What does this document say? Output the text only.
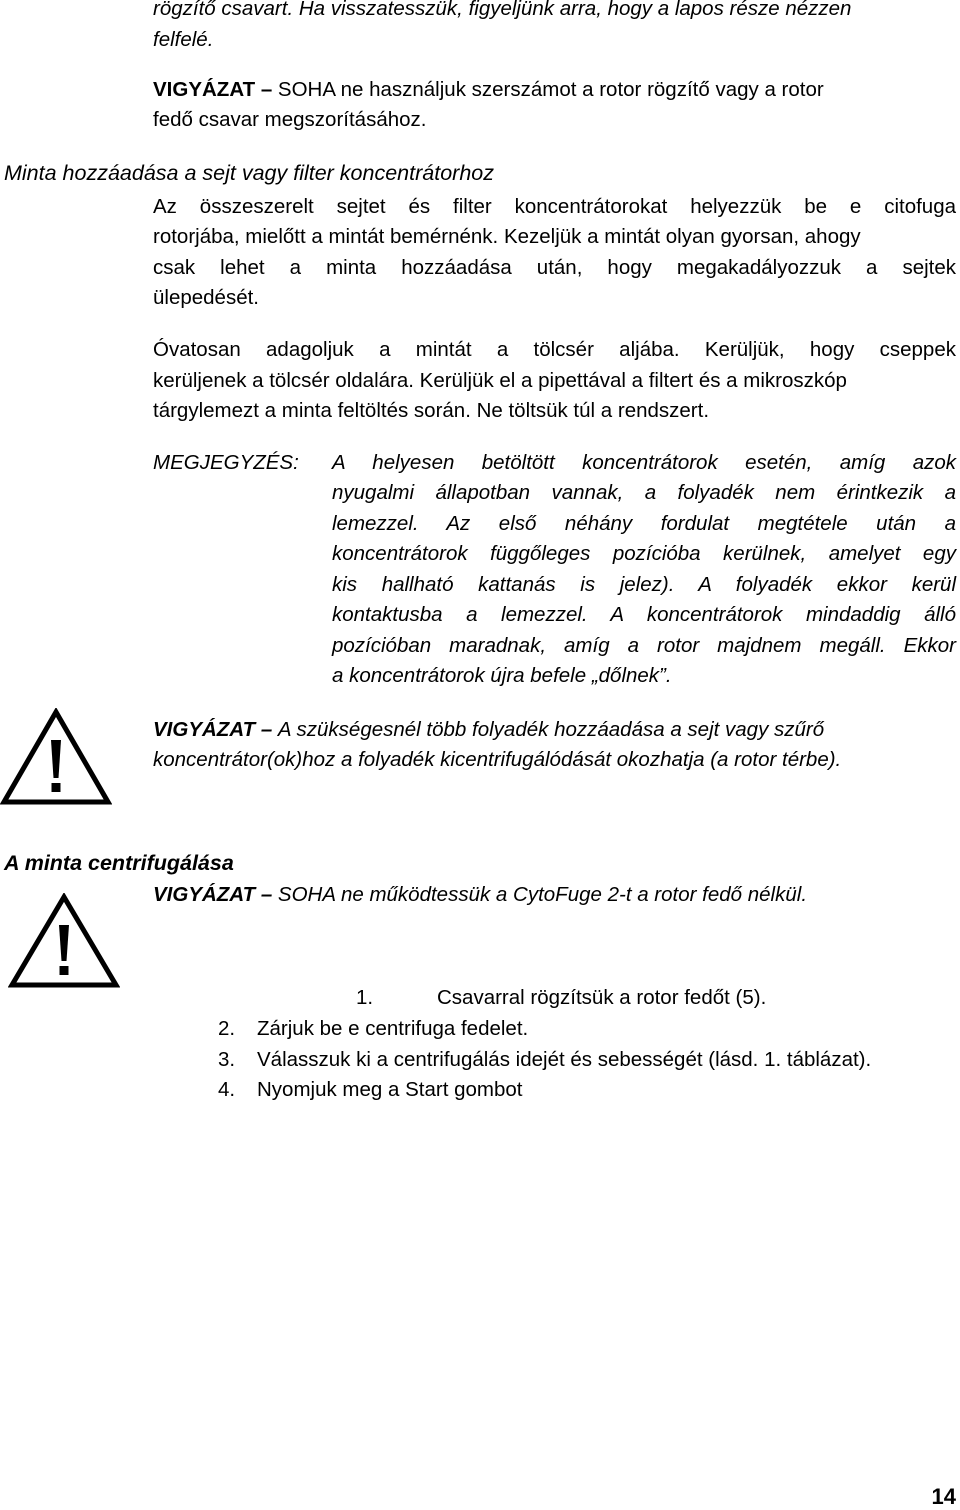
rögzítő csavart. Ha visszatesszük, figyeljünk arra, hogy a lapos része nézzen
felfelé.
VIGYÁZAT – SOHA ne használjuk szerszámot a rotor rögzítő vagy a rotor
fedő csavar megszorításához.
Minta hozzáadása a sejt vagy filter koncentrátorhoz
Az összeszerelt sejtet és filter koncentrátorokat helyezzük be e citofuga
rotorjába, mielőtt a mintát bemérnénk. Kezeljük a mintát olyan gyorsan, ahogy
csak lehet a minta hozzáadása után, hogy megakadályozzuk a sejtek
ülepedését.
Óvatosan adagoljuk a mintát a tölcsér aljába. Kerüljük, hogy cseppek
kerüljenek a tölcsér oldalára. Kerüljük el a pipettával a filtert és a mikroszkóp
tárgylemezt a minta feltöltés során. Ne töltsük túl a rendszert.
MEGJEGYZÉS: A helyesen betöltött koncentrátorok esetén, amíg azok
nyugalmi állapotban vannak, a folyadék nem érintkezik a
lemezzel. Az első néhány fordulat megtétele után a
koncentrátorok függőleges pozícióba kerülnek, amelyet egy
kis hallható kattanás is jelez). A folyadék ekkor kerül
kontaktusba a lemezzel. A koncentrátorok mindaddig álló
pozícióban maradnak, amíg a rotor majdnem megáll. Ekkor
a koncentrátorok újra befele „dőlnek”.
VIGYÁZAT – A szükségesnél több folyadék hozzáadása a sejt vagy szűrő
koncentrátor(ok)hoz a folyadék kicentrifugálódását okozhatja (a rotor térbe).
A minta centrifugálása
VIGYÁZAT – SOHA ne működtessük a CytoFuge 2-t a rotor fedő nélkül.
1.	Csavarral rögzítsük a rotor fedőt (5).
2. Zárjuk be e centrifuga fedelet.
3. Válasszuk ki a centrifugálás idejét és sebességét (lásd. 1. táblázat).
4. Nyomjuk meg a Start gombot
14
